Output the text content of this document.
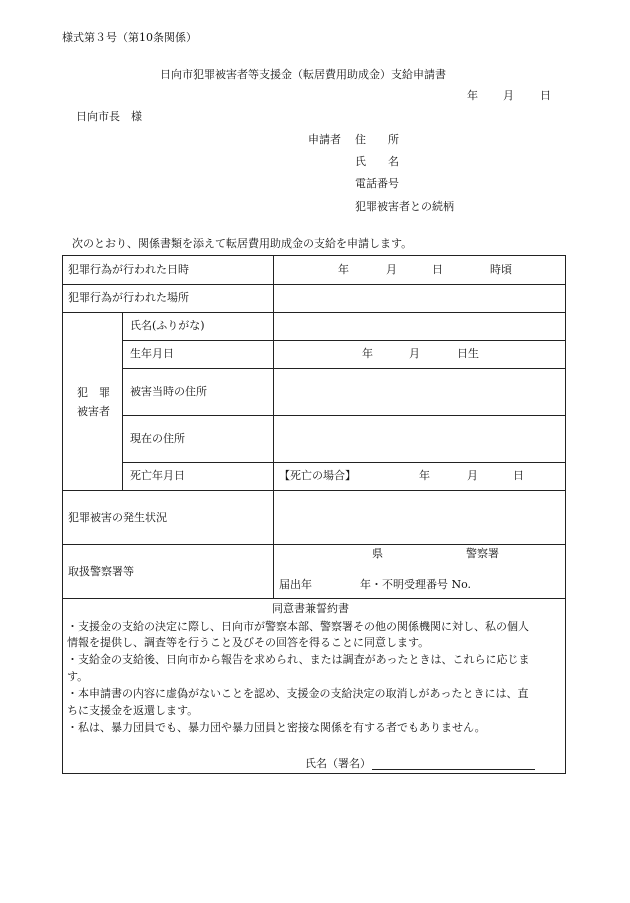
様式第３号（第10条関係）
日向市犯罪被害者等支援金（転居費用助成金）支給申請書
年 月 日
日向市長　様
申請者 住　　所
氏　　名
電話番号
犯罪被害者との続柄
次のとおり、関係書類を添えて転居費用助成金の支給を申請します。
犯罪行為が行われた日時	年	月	日	時頃
犯罪行為が行われた場所
犯　罪
被害者
氏名(ふりがな)
生年月日	年	月	日生
被害当時の住所
現在の住所
死亡年月日	【死亡の場合】	年	月	日
犯罪被害の発生状況
取扱警察署等
県	警察署
届出年	年・不明受理番号 No.
同意書兼誓約書
・支援金の支給の決定に際し、日向市が警察本部、警察署その他の関係機関に対し、私の個人
情報を提供し、調査等を行うこと及びその回答を得ることに同意します。
・支給金の支給後、日向市から報告を求められ、または調査があったときは、これらに応じま
す。
・本申請書の内容に虚偽がないことを認め、支援金の支給決定の取消しがあったときには、直
ちに支援金を返還します。
・私は、暴力団員でも、暴力団や暴力団員と密接な関係を有する者でもありません。
氏名（署名）
